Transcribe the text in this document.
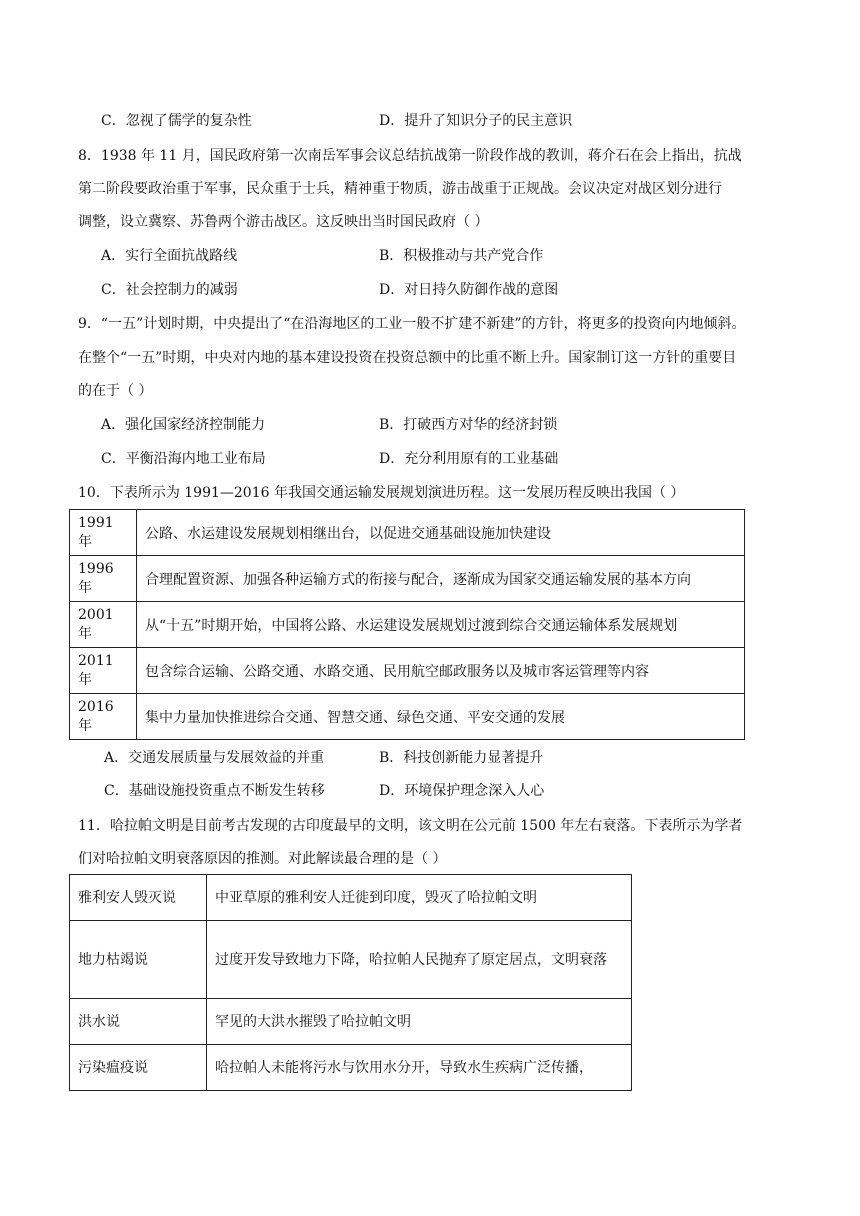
C．忽视了儒学的复杂性	D．提升了知识分子的民主意识
8．1938 年 11 月，国民政府第一次南岳军事会议总结抗战第一阶段作战的教训，蒋介石在会上指出，抗战
第二阶段要政治重于军事，民众重于士兵，精神重于物质，游击战重于正规战。会议决定对战区划分进行
调整，设立冀察、苏鲁两个游击战区。这反映出当时国民政府（ ）
A．实行全面抗战路线	B．积极推动与共产党合作
C．社会控制力的减弱	D．对日持久防御作战的意图
9．“一五”计划时期，中央提出了“在沿海地区的工业一般不扩建不新建”的方针，将更多的投资向内地倾斜。
在整个“一五”时期，中央对内地的基本建设投资在投资总额中的比重不断上升。国家制订这一方针的重要目
的在于（ ）
A．强化国家经济控制能力	B．打破西方对华的经济封锁
C．平衡沿海内地工业布局	D．充分利用原有的工业基础
10．下表所示为 1991—2016 年我国交通运输发展规划演进历程。这一发展历程反映出我国（ ）
1991 年	公路、水运建设发展规划相继出台，以促进交通基础设施加快建设
1996 年	合理配置资源、加强各种运输方式的衔接与配合，逐渐成为国家交通运输发展的基本方向
2001 年	从“十五”时期开始，中国将公路、水运建设发展规划过渡到综合交通运输体系发展规划
2011 年	包含综合运输、公路交通、水路交通、民用航空邮政服务以及城市客运管理等内容
2016 年	集中力量加快推进综合交通、智慧交通、绿色交通、平安交通的发展
A．交通发展质量与发展效益的并重	B．科技创新能力显著提升
C．基础设施投资重点不断发生转移	D．环境保护理念深入人心
11．哈拉帕文明是目前考古发现的古印度最早的文明，该文明在公元前 1500 年左右衰落。下表所示为学者
们对哈拉帕文明衰落原因的推测。对此解读最合理的是（ ）
雅利安人毁灭说	中亚草原的雅利安人迁徙到印度，毁灭了哈拉帕文明
地力枯竭说	过度开发导致地力下降，哈拉帕人民抛弃了原定居点，文明衰落
洪水说	罕见的大洪水摧毁了哈拉帕文明
污染瘟疫说	哈拉帕人未能将污水与饮用水分开，导致水生疾病广泛传播，
